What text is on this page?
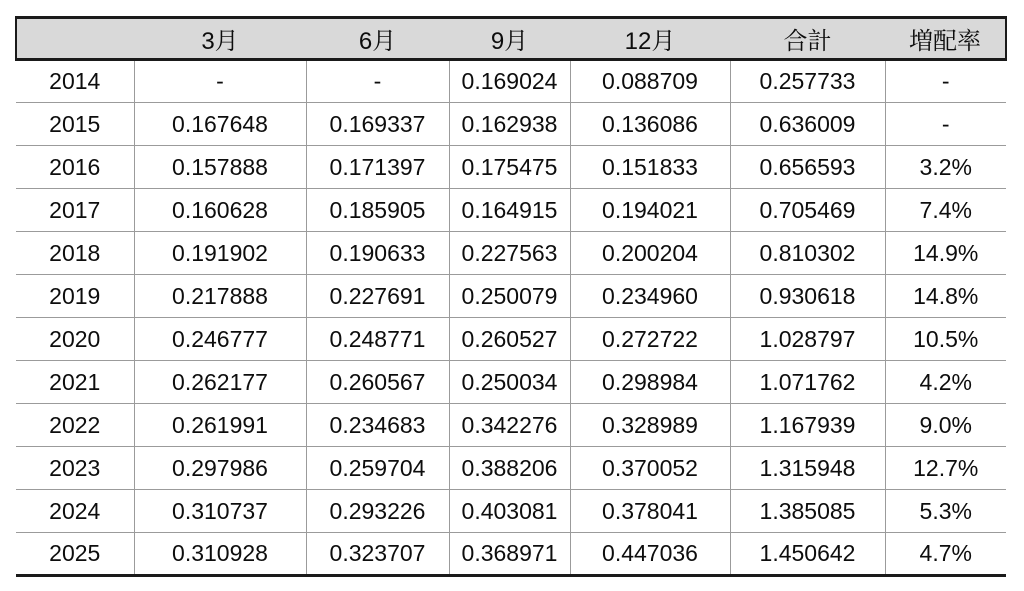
	3月	6月	9月	12月	合計	増配率
2014	-	-	0.169024	0.088709	0.257733	-
2015	0.167648	0.169337	0.162938	0.136086	0.636009	-
2016	0.157888	0.171397	0.175475	0.151833	0.656593	3.2%
2017	0.160628	0.185905	0.164915	0.194021	0.705469	7.4%
2018	0.191902	0.190633	0.227563	0.200204	0.810302	14.9%
2019	0.217888	0.227691	0.250079	0.234960	0.930618	14.8%
2020	0.246777	0.248771	0.260527	0.272722	1.028797	10.5%
2021	0.262177	0.260567	0.250034	0.298984	1.071762	4.2%
2022	0.261991	0.234683	0.342276	0.328989	1.167939	9.0%
2023	0.297986	0.259704	0.388206	0.370052	1.315948	12.7%
2024	0.310737	0.293226	0.403081	0.378041	1.385085	5.3%
2025	0.310928	0.323707	0.368971	0.447036	1.450642	4.7%
